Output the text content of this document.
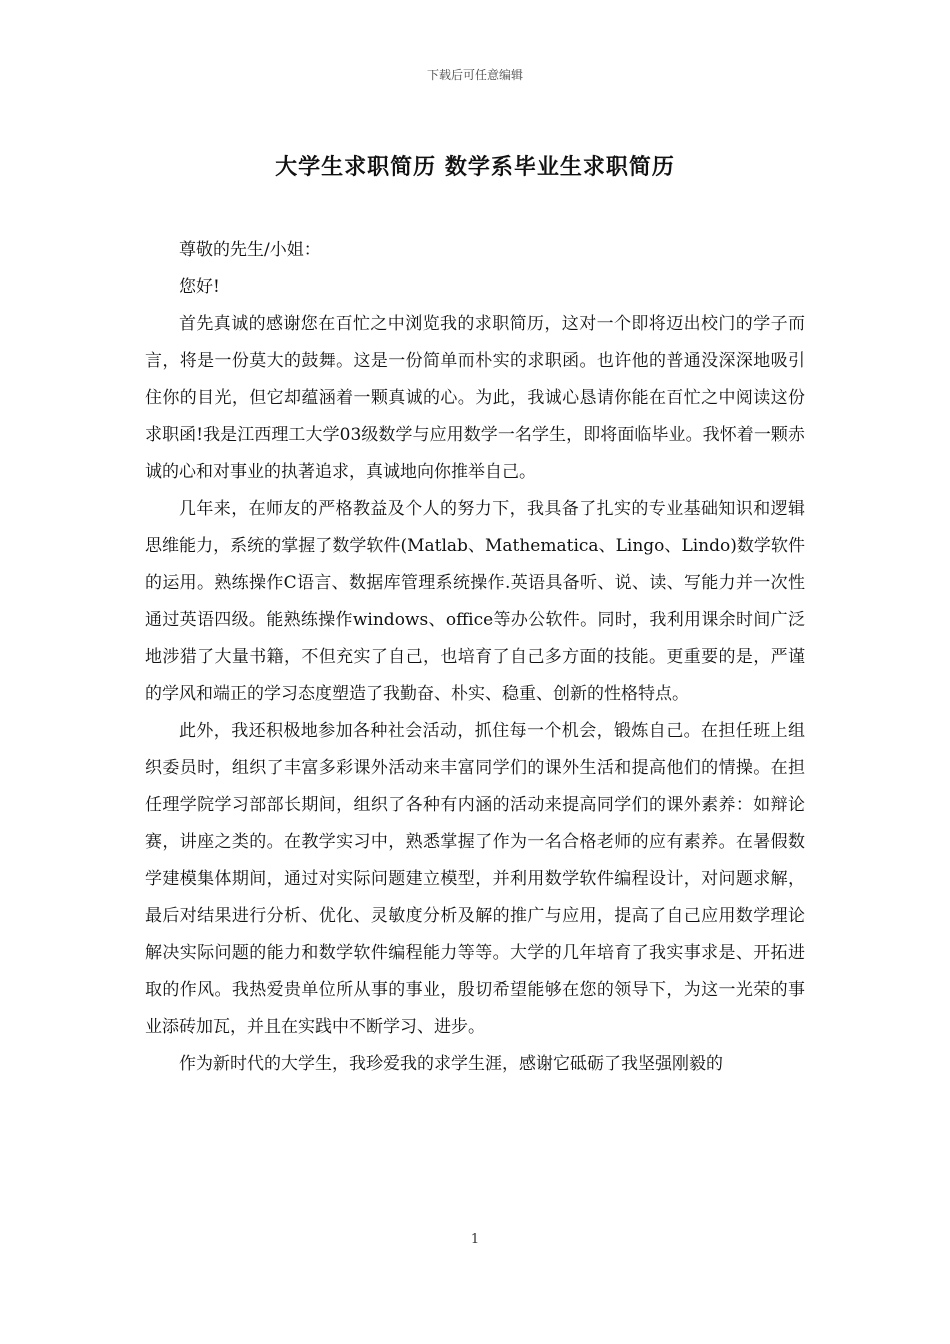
下载后可任意编辑
大学生求职简历 数学系毕业生求职简历

尊敬的先生/小姐：

您好!

首先真诚的感谢您在百忙之中浏览我的求职简历，这对一个即将迈出校门的学子而言，将是一份莫大的鼓舞。这是一份简单而朴实的求职函。也许他的普通没深深地吸引住你的目光，但它却蕴涵着一颗真诚的心。为此，我诚心恳请你能在百忙之中阅读这份求职函!我是江西理工大学03级数学与应用数学一名学生，即将面临毕业。我怀着一颗赤诚的心和对事业的执著追求，真诚地向你推举自己。

几年来，在师友的严格教益及个人的努力下，我具备了扎实的专业基础知识和逻辑思维能力，系统的掌握了数学软件(Matlab、Mathematica、Lingo、Lindo)数学软件的运用。熟练操作C语言、数据库管理系统操作.英语具备听、说、读、写能力并一次性通过英语四级。能熟练操作windows、office等办公软件。同时，我利用课余时间广泛地涉猎了大量书籍，不但充实了自己，也培育了自己多方面的技能。更重要的是，严谨的学风和端正的学习态度塑造了我勤奋、朴实、稳重、创新的性格特点。

此外，我还积极地参加各种社会活动，抓住每一个机会，锻炼自己。在担任班上组织委员时，组织了丰富多彩课外活动来丰富同学们的课外生活和提高他们的情操。在担任理学院学习部部长期间，组织了各种有内涵的活动来提高同学们的课外素养：如辩论赛，讲座之类的。在教学实习中，熟悉掌握了作为一名合格老师的应有素养。在暑假数学建模集体期间，通过对实际问题建立模型，并利用数学软件编程设计，对问题求解，最后对结果进行分析、优化、灵敏度分析及解的推广与应用，提高了自己应用数学理论解决实际问题的能力和数学软件编程能力等等。大学的几年培育了我实事求是、开拓进取的作风。我热爱贵单位所从事的事业，殷切希望能够在您的领导下，为这一光荣的事业添砖加瓦，并且在实践中不断学习、进步。

作为新时代的大学生，我珍爱我的求学生涯，感谢它砥砺了我坚强刚毅的

1
